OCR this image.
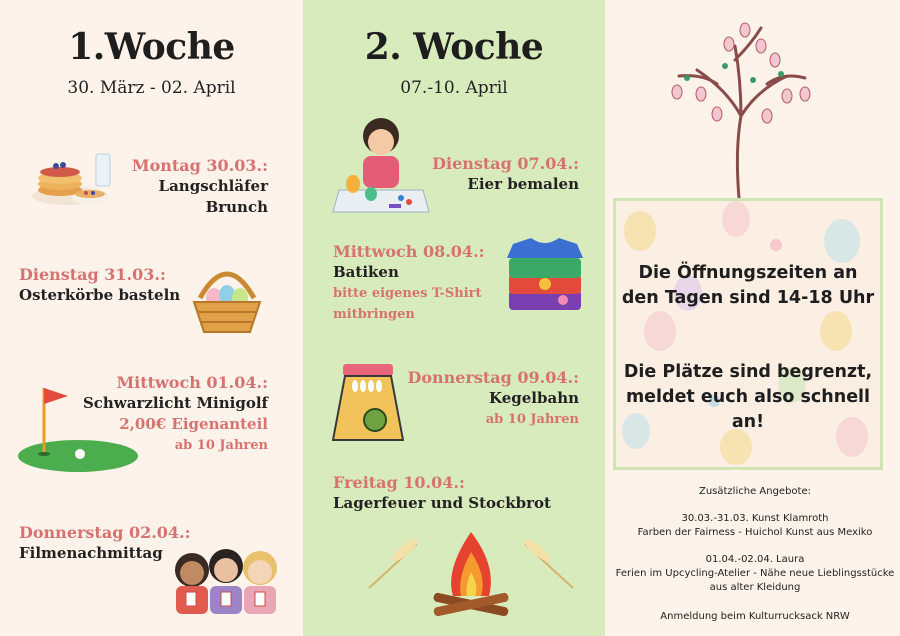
1.Woche
30. März - 02. April
Montag 30.03.:
Langschläfer
Brunch
Dienstag 31.03.:
Osterkörbe basteln
Mittwoch 01.04.:
Schwarzlicht Minigolf
2,00€ Eigenanteil
ab 10 Jahren
Donnerstag 02.04.:
Filmenachmittag
2. Woche
07.-10. April
Dienstag 07.04.:
Eier bemalen
Mittwoch 08.04.:
Batiken
bitte eigenes T-Shirt
mitbringen
Donnerstag 09.04.:
Kegelbahn
ab 10 Jahren
Freitag 10.04.:
Lagerfeuer und Stockbrot
Die Öffnungszeiten an
den Tagen sind 14-18 Uhr
Die Plätze sind begrenzt,
meldet euch also schnell
an!
Zusätzliche Angebote:
30.03.-31.03. Kunst Klamroth
Farben der Fairness - Huichol Kunst aus Mexiko
01.04.-02.04. Laura
Ferien im Upcycling-Atelier - Nähe neue Lieblingsstücke
aus alter Kleidung
Anmeldung beim Kulturrucksack NRW
